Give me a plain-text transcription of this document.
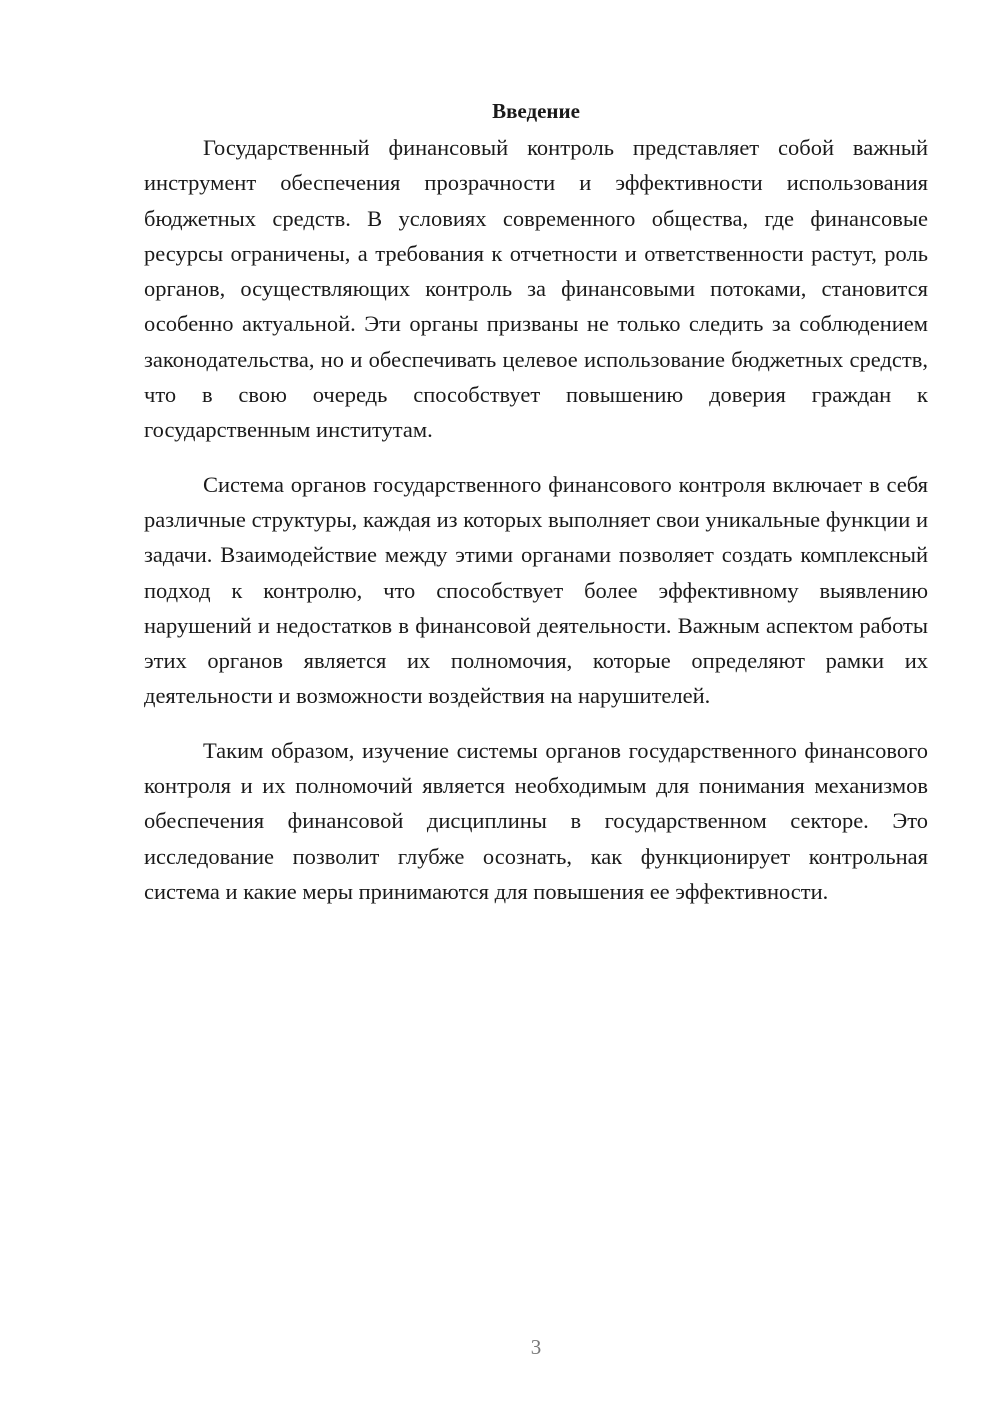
Введение

Государственный финансовый контроль представляет собой важный инструмент обеспечения прозрачности и эффективности использования бюджетных средств. В условиях современного общества, где финансовые ресурсы ограничены, а требования к отчетности и ответственности растут, роль органов, осуществляющих контроль за финансовыми потоками, становится особенно актуальной. Эти органы призваны не только следить за соблюдением законодательства, но и обеспечивать целевое использование бюджетных средств, что в свою очередь способствует повышению доверия граждан к государственным институтам.

Система органов государственного финансового контроля включает в себя различные структуры, каждая из которых выполняет свои уникальные функции и задачи. Взаимодействие между этими органами позволяет создать комплексный подход к контролю, что способствует более эффективному выявлению нарушений и недостатков в финансовой деятельности. Важным аспектом работы этих органов является их полномочия, которые определяют рамки их деятельности и возможности воздействия на нарушителей.

Таким образом, изучение системы органов государственного финансового контроля и их полномочий является необходимым для понимания механизмов обеспечения финансовой дисциплины в государственном секторе. Это исследование позволит глубже осознать, как функционирует контрольная система и какие меры принимаются для повышения ее эффективности.

3
